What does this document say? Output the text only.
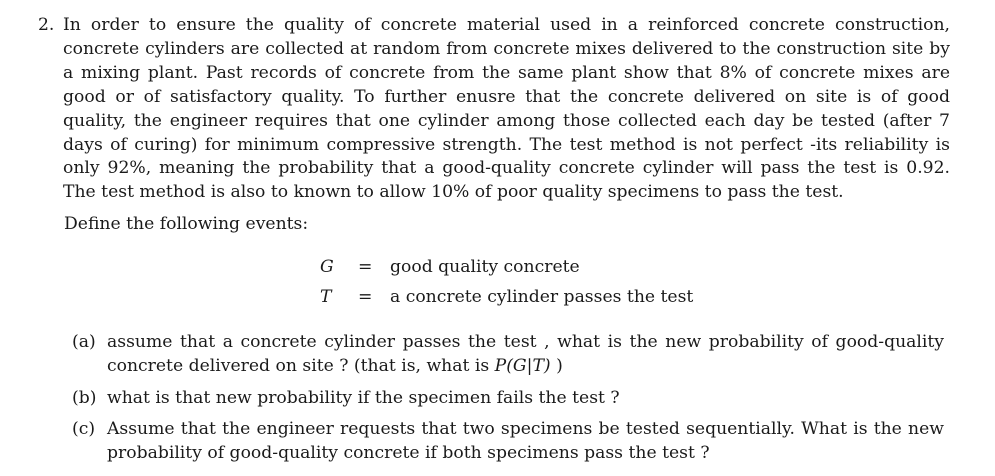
2. In order to ensure the quality of concrete material used in a reinforced concrete construction, concrete cylinders are collected at random from concrete mixes delivered to the construction site by a mixing plant. Past records of concrete from the same plant show that 8% of concrete mixes are good or of satisfactory quality. To further enusre that the concrete delivered on site is of good quality, the engineer requires that one cylinder among those collected each day be tested (after 7 days of curing) for minimum compressive strength. The test method is not perfect -its reliability is only 92%, meaning the probability that a good-quality concrete cylinder will pass the test is 0.92. The test method is also to known to allow 10% of poor quality specimens to pass the test.
Define the following events:
G = good quality concrete
T = a concrete cylinder passes the test
(a) assume that a concrete cylinder passes the test , what is the new probability of good-quality concrete delivered on site ? (that is, what is P(G|T) )
(b) what is that new probability if the specimen fails the test ?
(c) Assume that the engineer requests that two specimens be tested sequentially. What is the new probability of good-quality concrete if both specimens pass the test ?
